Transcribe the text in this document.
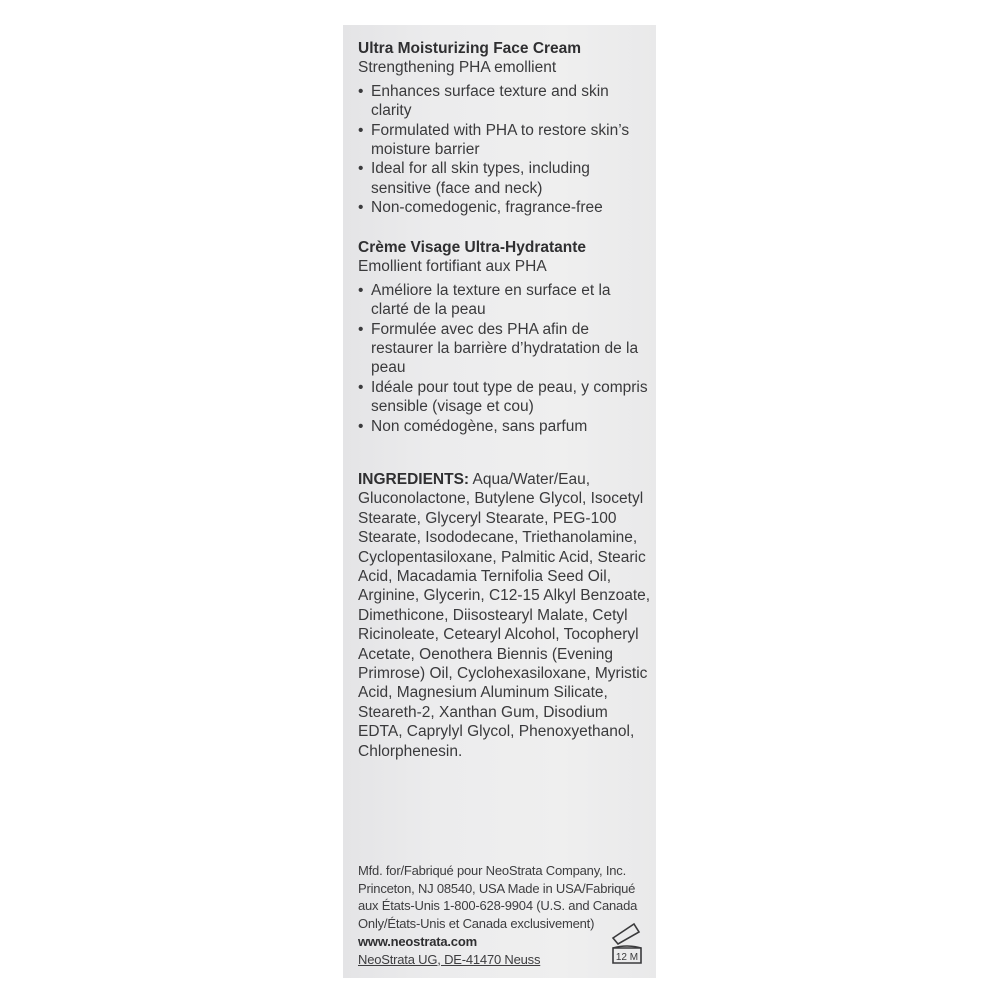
Ultra Moisturizing Face Cream
Strengthening PHA emollient
• Enhances surface texture and skin clarity
• Formulated with PHA to restore skin’s moisture barrier
• Ideal for all skin types, including sensitive (face and neck)
• Non-comedogenic, fragrance-free
Crème Visage Ultra-Hydratante
Emollient fortifiant aux PHA
• Améliore la texture en surface et la clarté de la peau
• Formulée avec des PHA afin de restaurer la barrière d’hydratation de la peau
• Idéale pour tout type de peau, y compris sensible (visage et cou)
• Non comédogène, sans parfum
INGREDIENTS: Aqua/Water/Eau, Gluconolactone, Butylene Glycol, Isocetyl Stearate, Glyceryl Stearate, PEG-100 Stearate, Isododecane, Triethanolamine, Cyclopentasiloxane, Palmitic Acid, Stearic Acid, Macadamia Ternifolia Seed Oil, Arginine, Glycerin, C12-15 Alkyl Benzoate, Dimethicone, Diisostearyl Malate, Cetyl Ricinoleate, Cetearyl Alcohol, Tocopheryl Acetate, Oenothera Biennis (Evening Primrose) Oil, Cyclohexasiloxane, Myristic Acid, Magnesium Aluminum Silicate, Steareth-2, Xanthan Gum, Disodium EDTA, Caprylyl Glycol, Phenoxyethanol, Chlorphenesin.
Mfd. for/Fabriqué pour NeoStrata Company, Inc. Princeton, NJ 08540, USA Made in USA/Fabriqué aux États-Unis 1-800-628-9904 (U.S. and Canada Only/États-Unis et Canada exclusivement)
www.neostrata.com
NeoStrata UG, DE-41470 Neuss	12 M
